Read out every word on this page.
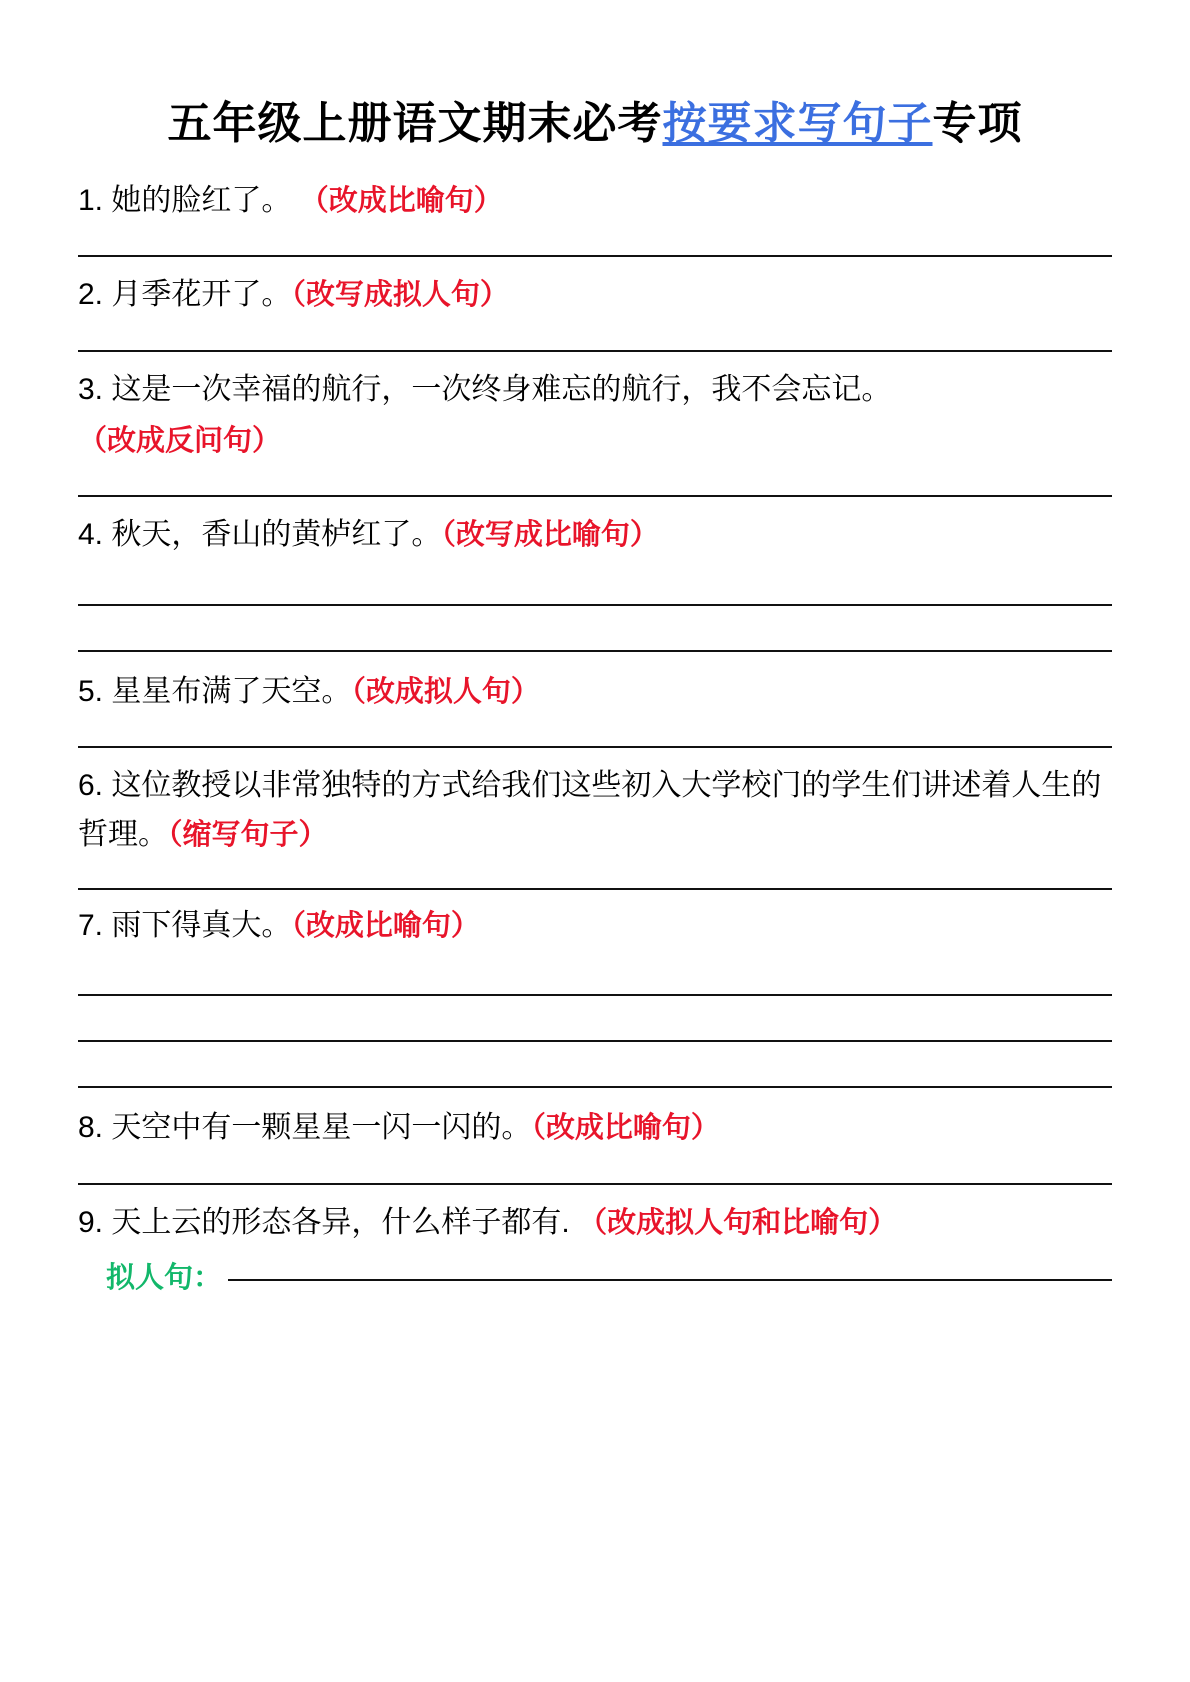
五年级上册语文期末必考按要求写句子专项

1. 她的脸红了。 （改成比喻句）

2. 月季花开了。（改写成拟人句）

3. 这是一次幸福的航行，一次终身难忘的航行，我不会忘记。

（改成反问句）

4. 秋天，香山的黄栌红了。（改写成比喻句）

5. 星星布满了天空。（改成拟人句）

6. 这位教授以非常独特的方式给我们这些初入大学校门的学生们讲述着人生的哲理。（缩写句子）

7. 雨下得真大。（改成比喻句）

8. 天空中有一颗星星一闪一闪的。（改成比喻句）

9. 天上云的形态各异，什么样子都有. （改成拟人句和比喻句）

拟人句：
